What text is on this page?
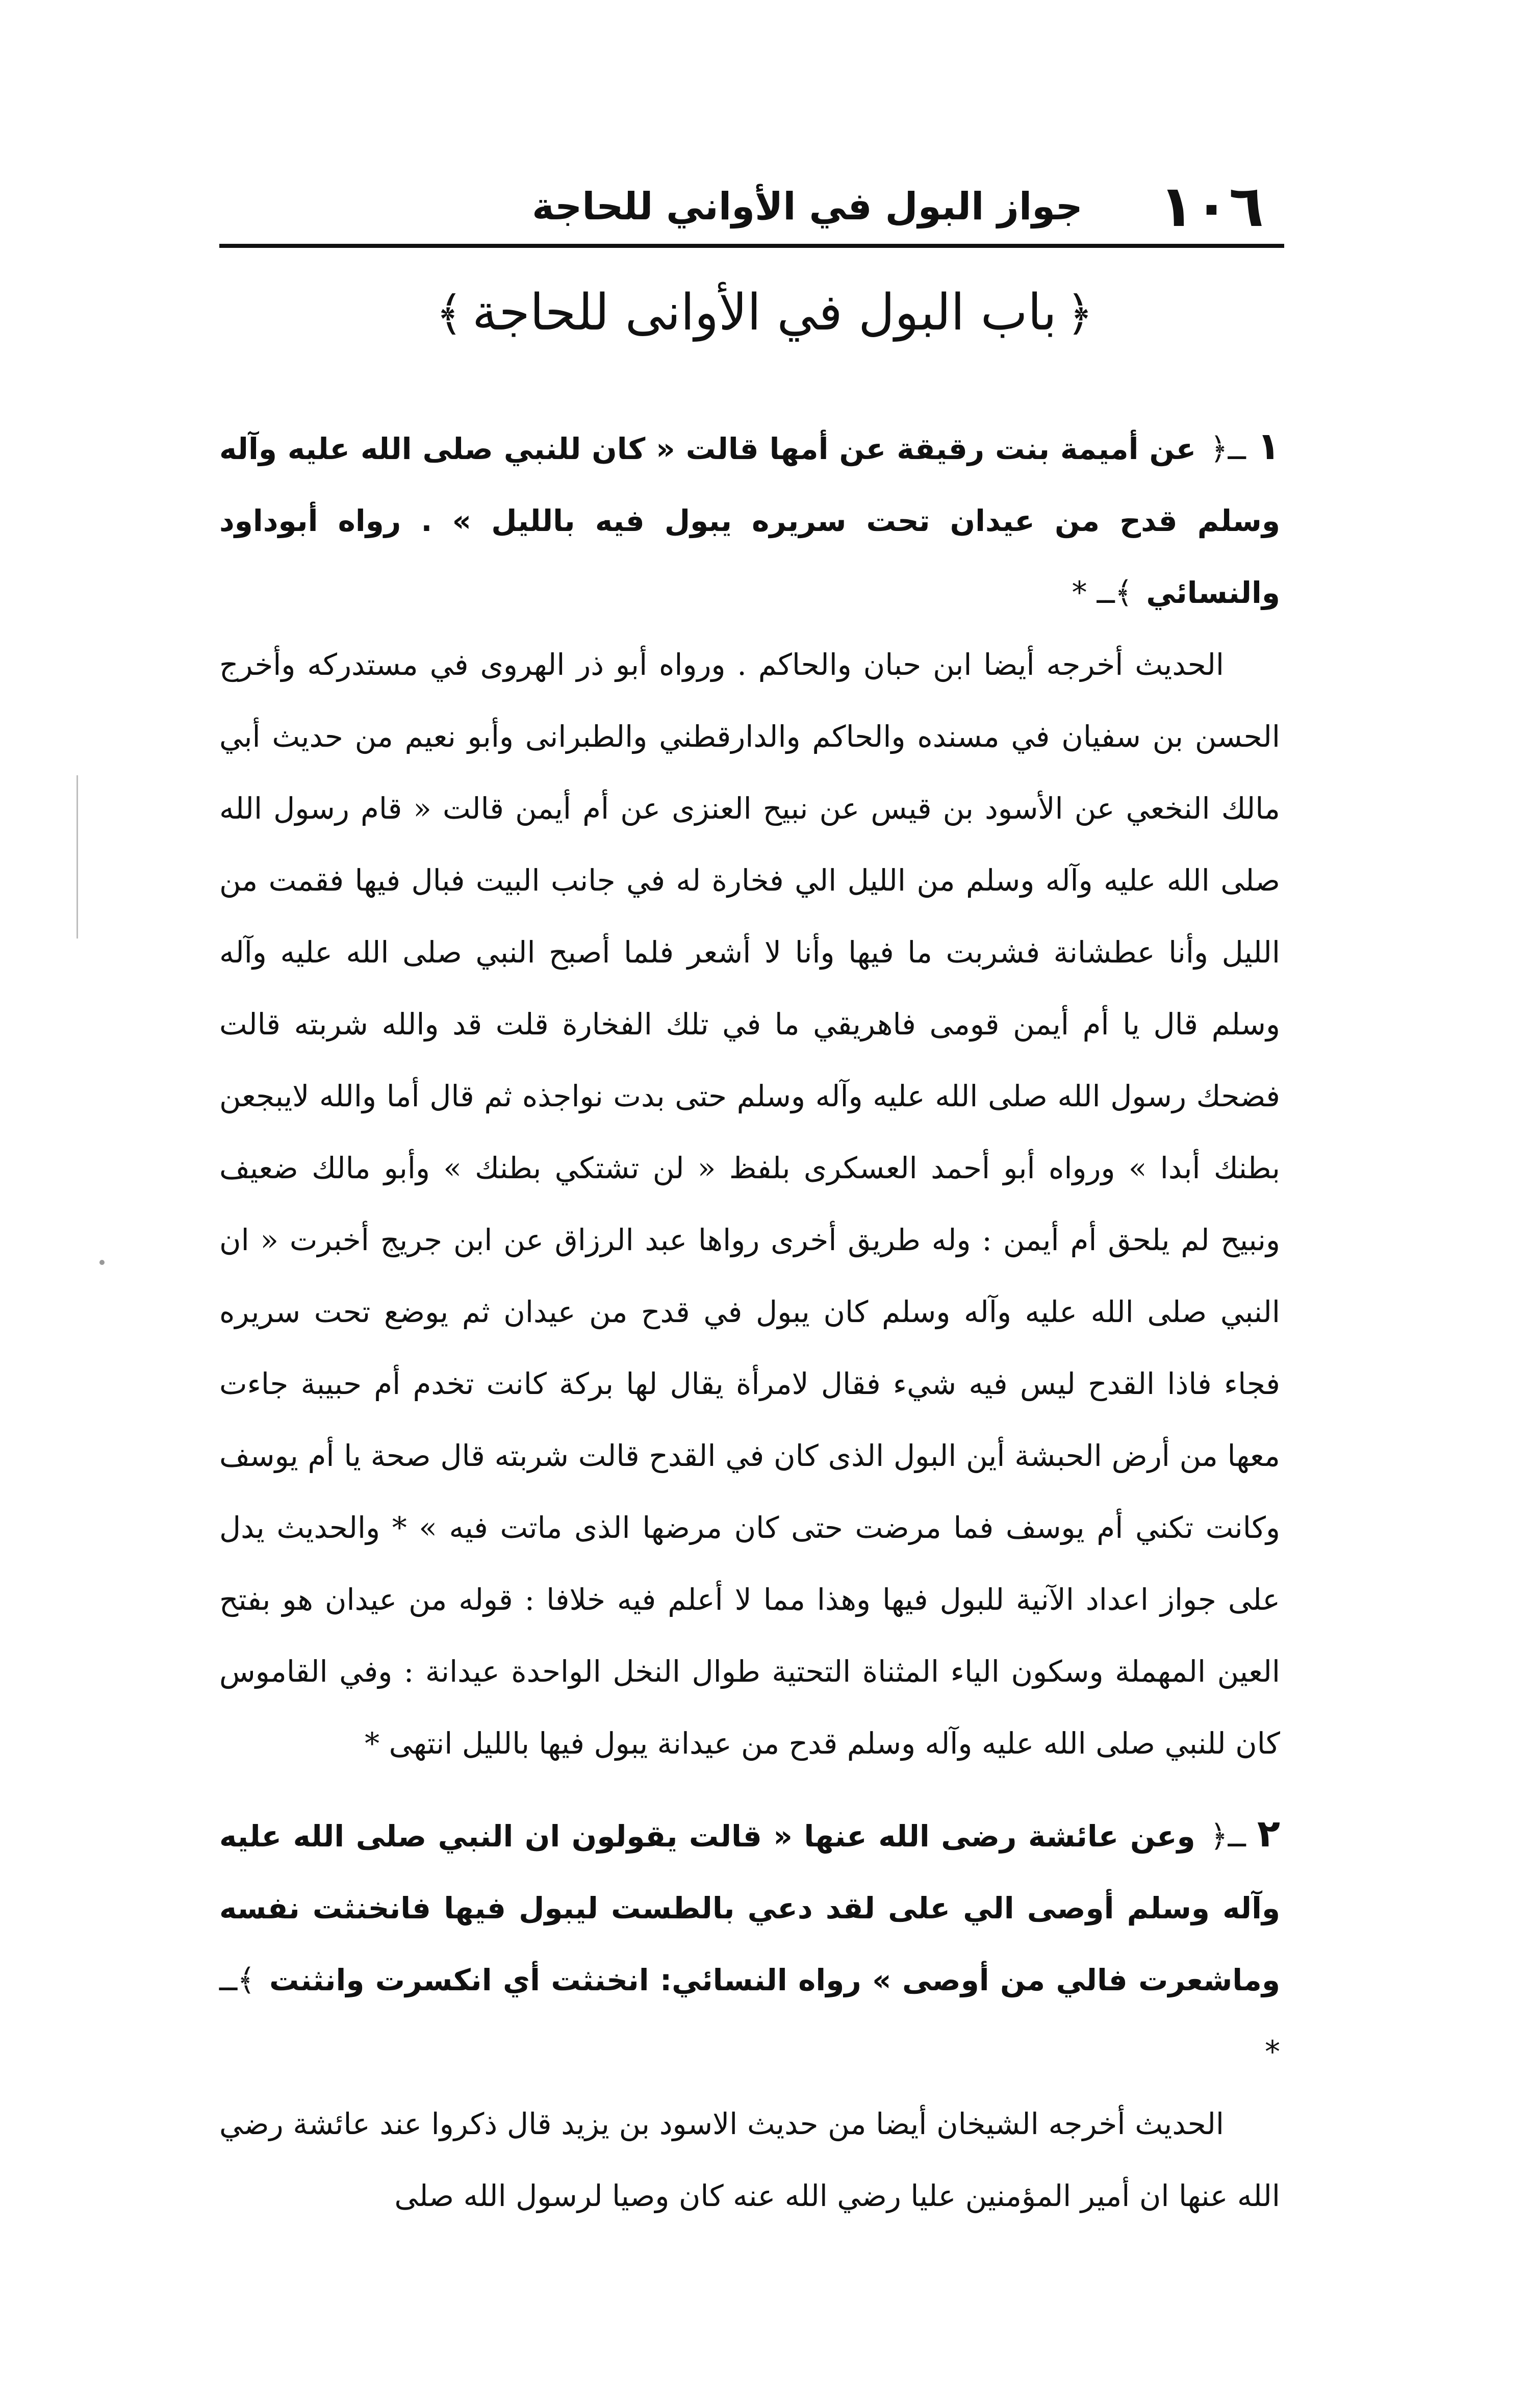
١٠٦
جواز البول في الأواني للحاجة
﴿باب البول في الأوانى للحاجة﴾

١ــ﴿ عن أميمة بنت رقيقة عن أمها قالت « كان للنبي صلى الله عليه وآله وسلم قدح من عيدان تحت سريره يبول فيه بالليل » . رواه أبوداود والنسائي ﴾ــ *

الحديث أخرجه أيضا ابن حبان والحاكم . ورواه أبو ذر الهروى في مستدركه وأخرج الحسن بن سفيان في مسنده والحاكم والدارقطني والطبرانى وأبو نعيم من حديث أبي مالك النخعي عن الأسود بن قيس عن نبيح العنزى عن أم أيمن قالت « قام رسول الله صلى الله عليه وآله وسلم من الليل الي فخارة له في جانب البيت فبال فيها فقمت من الليل وأنا عطشانة فشربت ما فيها وأنا لا أشعر فلما أصبح النبي صلى الله عليه وآله وسلم قال يا أم أيمن قومى فاهريقي ما في تلك الفخارة قلت قد والله شربته قالت فضحك رسول الله صلى الله عليه وآله وسلم حتى بدت نواجذه ثم قال أما والله لايبجعن بطنك أبدا » ورواه أبو أحمد العسكرى بلفظ « لن تشتكي بطنك » وأبو مالك ضعيف ونبيح لم يلحق أم أيمن : وله طريق أخرى رواها عبد الرزاق عن ابن جريج أخبرت « ان النبي صلى الله عليه وآله وسلم كان يبول في قدح من عيدان ثم يوضع تحت سريره فجاء فاذا القدح ليس فيه شيء فقال لامرأة يقال لها بركة كانت تخدم أم حبيبة جاءت معها من أرض الحبشة أين البول الذى كان في القدح قالت شربته قال صحة يا أم يوسف وكانت تكني أم يوسف فما مرضت حتى كان مرضها الذى ماتت فيه » * والحديث يدل على جواز اعداد الآنية للبول فيها وهذا مما لا أعلم فيه خلافا : قوله من عيدان هو بفتح العين المهملة وسكون الياء المثناة التحتية طوال النخل الواحدة عيدانة : وفي القاموس كان للنبي صلى الله عليه وآله وسلم قدح من عيدانة يبول فيها بالليل انتهى *

٢ــ﴿ وعن عائشة رضى الله عنها « قالت يقولون ان النبي صلى الله عليه وآله وسلم أوصى الي على لقد دعي بالطست ليبول فيها فانخنثت نفسه وماشعرت فالي من أوصى » رواه النسائي: انخنثت أي انكسرت وانثنت ﴾ــ *

الحديث أخرجه الشيخان أيضا من حديث الاسود بن يزيد قال ذكروا عند عائشة رضي الله عنها ان أمير المؤمنين عليا رضي الله عنه كان وصيا لرسول الله صلى
